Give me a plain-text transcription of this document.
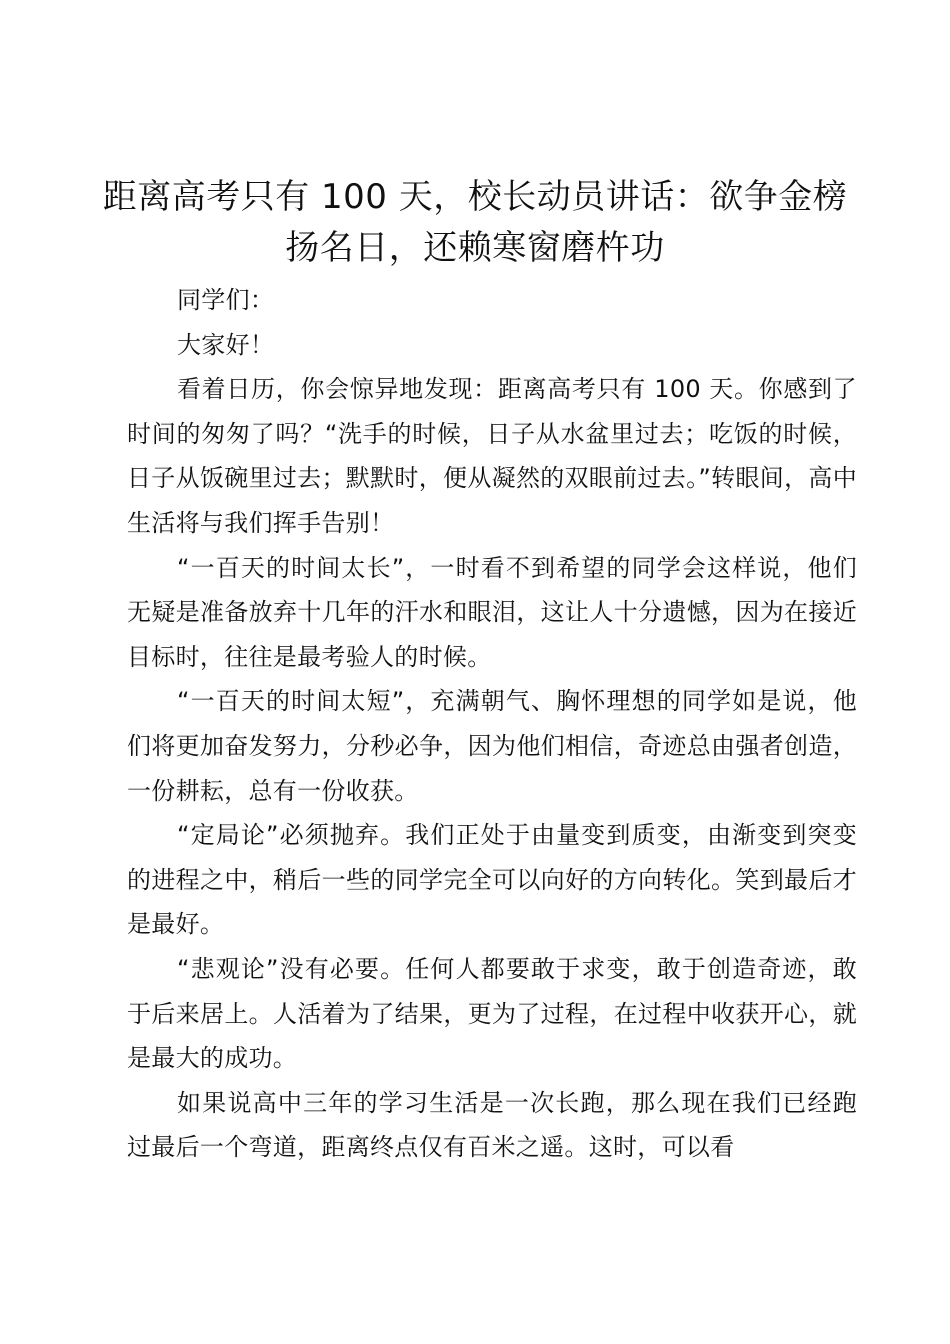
距离高考只有 100 天，校长动员讲话：欲争金榜扬名日，还赖寒窗磨杵功

同学们：

大家好！

看着日历，你会惊异地发现：距离高考只有 100 天。你感到了时间的匆匆了吗？“洗手的时候，日子从水盆里过去；吃饭的时候，日子从饭碗里过去；默默时，便从凝然的双眼前过去。”转眼间，高中生活将与我们挥手告别！

“一百天的时间太长”，一时看不到希望的同学会这样说，他们无疑是准备放弃十几年的汗水和眼泪，这让人十分遗憾，因为在接近目标时，往往是最考验人的时候。

“一百天的时间太短”，充满朝气、胸怀理想的同学如是说，他们将更加奋发努力，分秒必争，因为他们相信，奇迹总由强者创造，一份耕耘，总有一份收获。

“定局论”必须抛弃。我们正处于由量变到质变，由渐变到突变的进程之中，稍后一些的同学完全可以向好的方向转化。笑到最后才是最好。

“悲观论”没有必要。任何人都要敢于求变，敢于创造奇迹，敢于后来居上。人活着为了结果，更为了过程，在过程中收获开心，就是最大的成功。

如果说高中三年的学习生活是一次长跑，那么现在我们已经跑过最后一个弯道，距离终点仅有百米之遥。这时，可以看
